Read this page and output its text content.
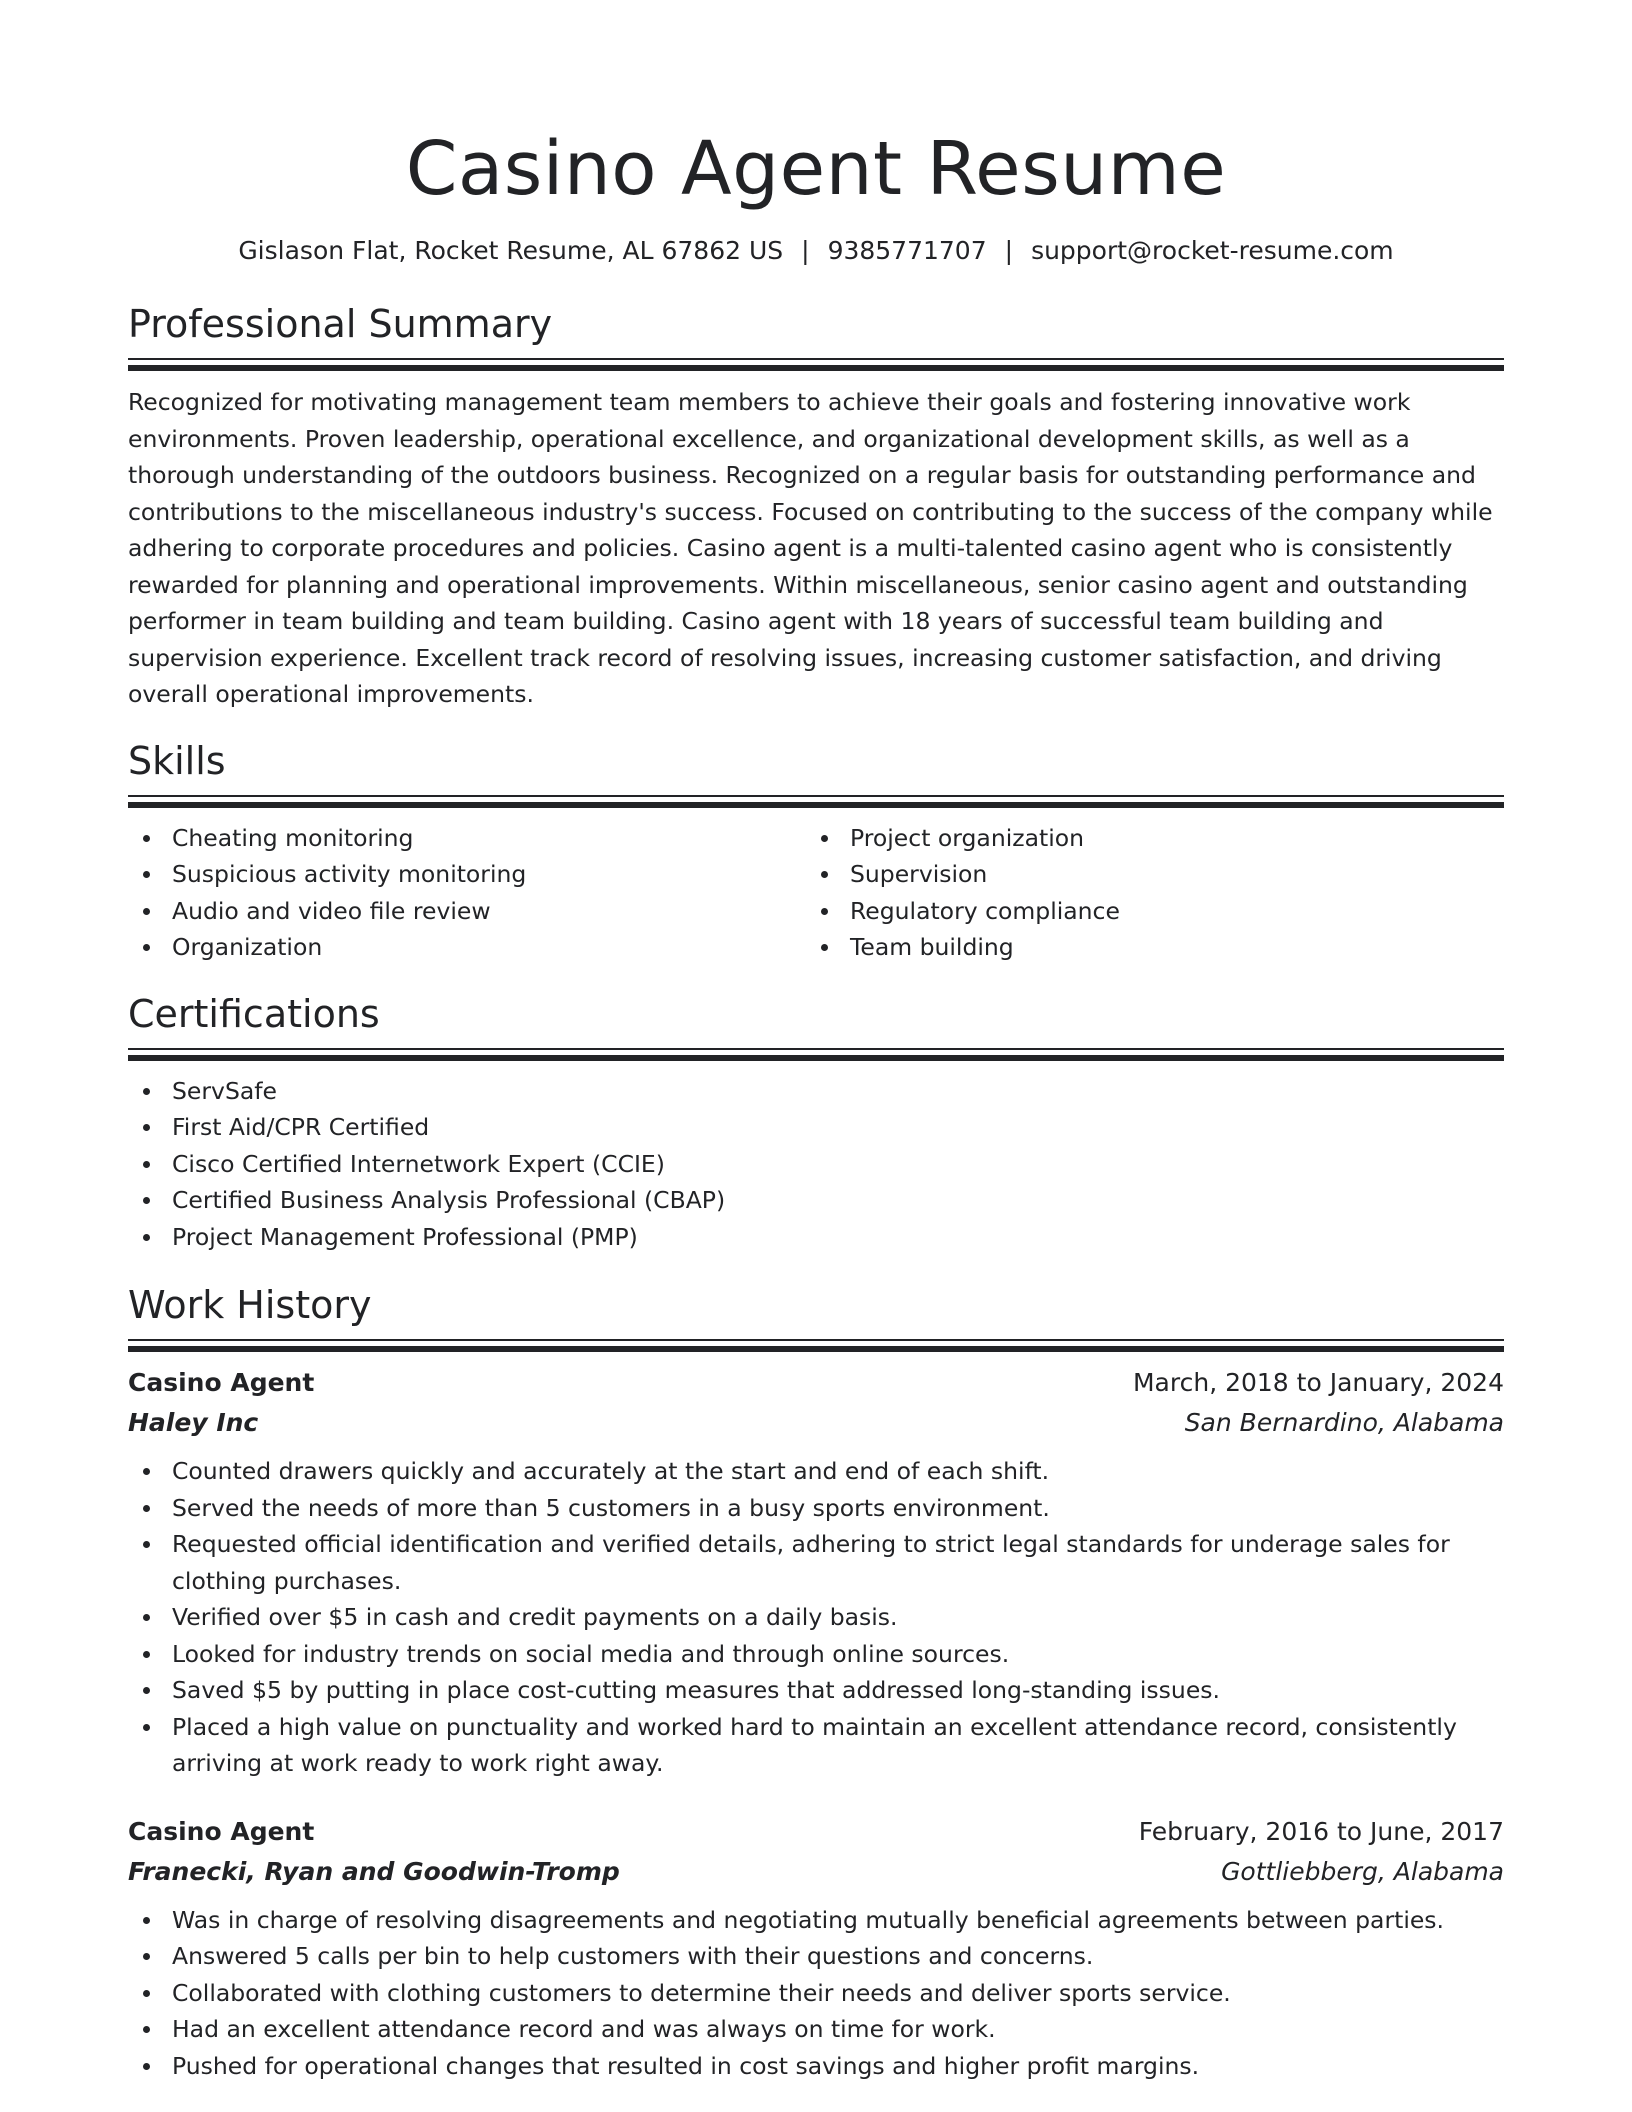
Casino Agent Resume
Gislason Flat, Rocket Resume, AL 67862 US | 9385771707 | support@rocket-resume.com
Professional Summary

Recognized for motivating management team members to achieve their goals and fostering innovative work environments. Proven leadership, operational excellence, and organizational development skills, as well as a thorough understanding of the outdoors business. Recognized on a regular basis for outstanding performance and contributions to the miscellaneous industry's success. Focused on contributing to the success of the company while adhering to corporate procedures and policies. Casino agent is a multi-talented casino agent who is consistently rewarded for planning and operational improvements. Within miscellaneous, senior casino agent and outstanding performer in team building and team building. Casino agent with 18 years of successful team building and supervision experience. Excellent track record of resolving issues, increasing customer satisfaction, and driving overall operational improvements.

Skills
Cheating monitoring
Suspicious activity monitoring
Audio and video file review
Organization
Project organization
Supervision
Regulatory compliance
Team building
Certifications
ServSafe
First Aid/CPR Certified
Cisco Certified Internetwork Expert (CCIE)
Certified Business Analysis Professional (CBAP)
Project Management Professional (PMP)
Work History
Casino Agent	March, 2018 to January, 2024
Haley Inc	San Bernardino, Alabama
Counted drawers quickly and accurately at the start and end of each shift.
Served the needs of more than 5 customers in a busy sports environment.
Requested official identification and verified details, adhering to strict legal standards for underage sales for clothing purchases.
Verified over $5 in cash and credit payments on a daily basis.
Looked for industry trends on social media and through online sources.
Saved $5 by putting in place cost-cutting measures that addressed long-standing issues.
Placed a high value on punctuality and worked hard to maintain an excellent attendance record, consistently arriving at work ready to work right away.
Casino Agent	February, 2016 to June, 2017
Franecki, Ryan and Goodwin-Tromp	Gottliebberg, Alabama
Was in charge of resolving disagreements and negotiating mutually beneficial agreements between parties.
Answered 5 calls per bin to help customers with their questions and concerns.
Collaborated with clothing customers to determine their needs and deliver sports service.
Had an excellent attendance record and was always on time for work.
Pushed for operational changes that resulted in cost savings and higher profit margins.
